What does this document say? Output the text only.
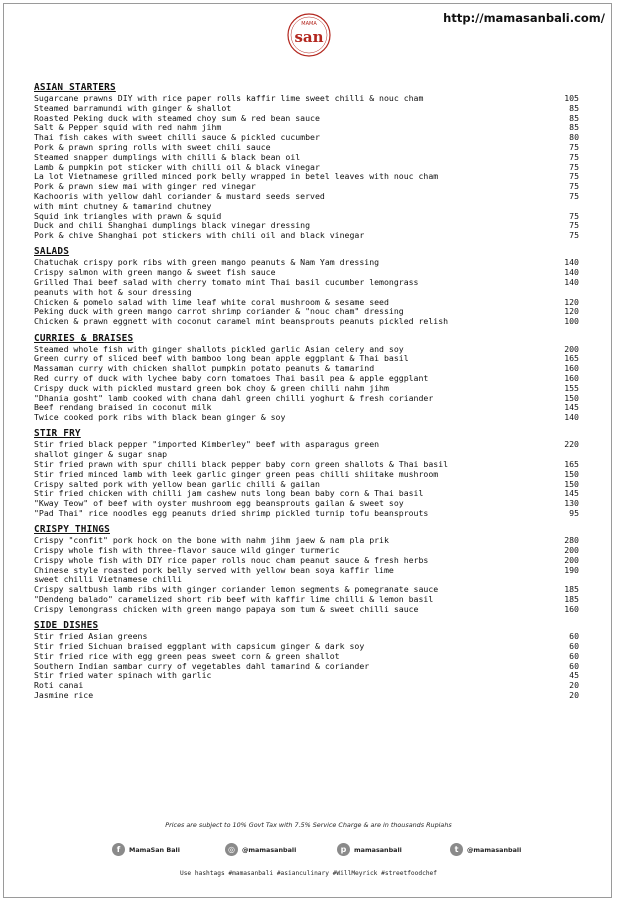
http://mamasanbali.com/
MAMA
san
ASIAN STARTERS
Sugarcane prawns DIY with rice paper rolls kaffir lime sweet chilli & nouc cham	105
Steamed barramundi with ginger & shallot	85
Roasted Peking duck with steamed choy sum & red bean sauce	85
Salt & Pepper squid with red nahm jihm	85
Thai fish cakes with sweet chilli sauce & pickled cucumber	80
Pork & prawn spring rolls with sweet chili sauce	75
Steamed snapper dumplings with chilli & black bean oil	75
Lamb & pumpkin pot sticker with chilli oil & black vinegar	75
La lot Vietnamese grilled minced pork belly wrapped in betel leaves with nouc cham	75
Pork & prawn siew mai with ginger red vinegar	75
Kachooris with yellow dahl coriander & mustard seeds served	75
with mint chutney & tamarind chutney
Squid ink triangles with prawn & squid	75
Duck and chili Shanghai dumplings black vinegar dressing	75
Pork & chive Shanghai pot stickers with chili oil and black vinegar	75
SALADS
Chatuchak crispy pork ribs with green mango peanuts & Nam Yam dressing	140
Crispy salmon with green mango & sweet fish sauce	140
Grilled Thai beef salad with cherry tomato mint Thai basil cucumber lemongrass	140
peanuts with hot & sour dressing
Chicken & pomelo salad with lime leaf white coral mushroom & sesame seed	120
Peking duck with green mango carrot shrimp coriander & "nouc cham" dressing	120
Chicken & prawn eggnett with coconut caramel mint beansprouts peanuts pickled relish	100
CURRIES & BRAISES
Steamed whole fish with ginger shallots pickled garlic Asian celery and soy	200
Green curry of sliced beef with bamboo long bean apple eggplant & Thai basil	165
Massaman curry with chicken shallot pumpkin potato peanuts & tamarind	160
Red curry of duck with lychee baby corn tomatoes Thai basil pea & apple eggplant	160
Crispy duck with pickled mustard green bok choy & green chilli nahm jihm	155
"Dhania gosht" lamb cooked with chana dahl green chilli yoghurt & fresh coriander	150
Beef rendang braised in coconut milk	145
Twice cooked pork ribs with black bean ginger & soy	140
STIR FRY
Stir fried black pepper "imported Kimberley" beef with asparagus green	220
shallot ginger & sugar snap
Stir fried prawn with spur chilli black pepper baby corn green shallots & Thai basil	165
Stir fried minced lamb with leek garlic ginger green peas chilli shiitake mushroom	150
Crispy salted pork with yellow bean garlic chilli & gailan	150
Stir fried chicken with chilli jam cashew nuts long bean baby corn & Thai basil	145
"Kway Teow" of beef with oyster mushroom egg beansprouts gailan & sweet soy	130
"Pad Thai" rice noodles egg peanuts dried shrimp pickled turnip tofu beansprouts	95
CRISPY THINGS
Crispy "confit" pork hock on the bone with nahm jihm jaew & nam pla prik	280
Crispy whole fish with three-flavor sauce wild ginger turmeric	200
Crispy whole fish with DIY rice paper rolls nouc cham peanut sauce & fresh herbs	200
Chinese style roasted pork belly served with yellow bean soya kaffir lime	190
sweet chilli Vietnamese chilli
Crispy saltbush lamb ribs with ginger coriander lemon segments & pomegranate sauce	185
"Dendeng balado" caramelized short rib beef with kaffir lime chilli & lemon basil	185
Crispy lemongrass chicken with green mango papaya som tum & sweet chilli sauce	160
SIDE DISHES
Stir fried Asian greens	60
Stir fried Sichuan braised eggplant with capsicum ginger & dark soy	60
Stir fried rice with egg green peas sweet corn & green shallot	60
Southern Indian sambar curry of vegetables dahl tamarind & coriander	60
Stir fried water spinach with garlic	45
Roti canai	20
Jasmine rice	20
Prices are subject to 10% Govt Tax with 7.5% Service Charge & are in thousands Rupiahs
f	MamaSan Bali	◎	@mamasanbali	p	mamasanbali	t	@mamasanbali
Use hashtags #mamasanbali #asianculinary #WillMeyrick #streetfoodchef
